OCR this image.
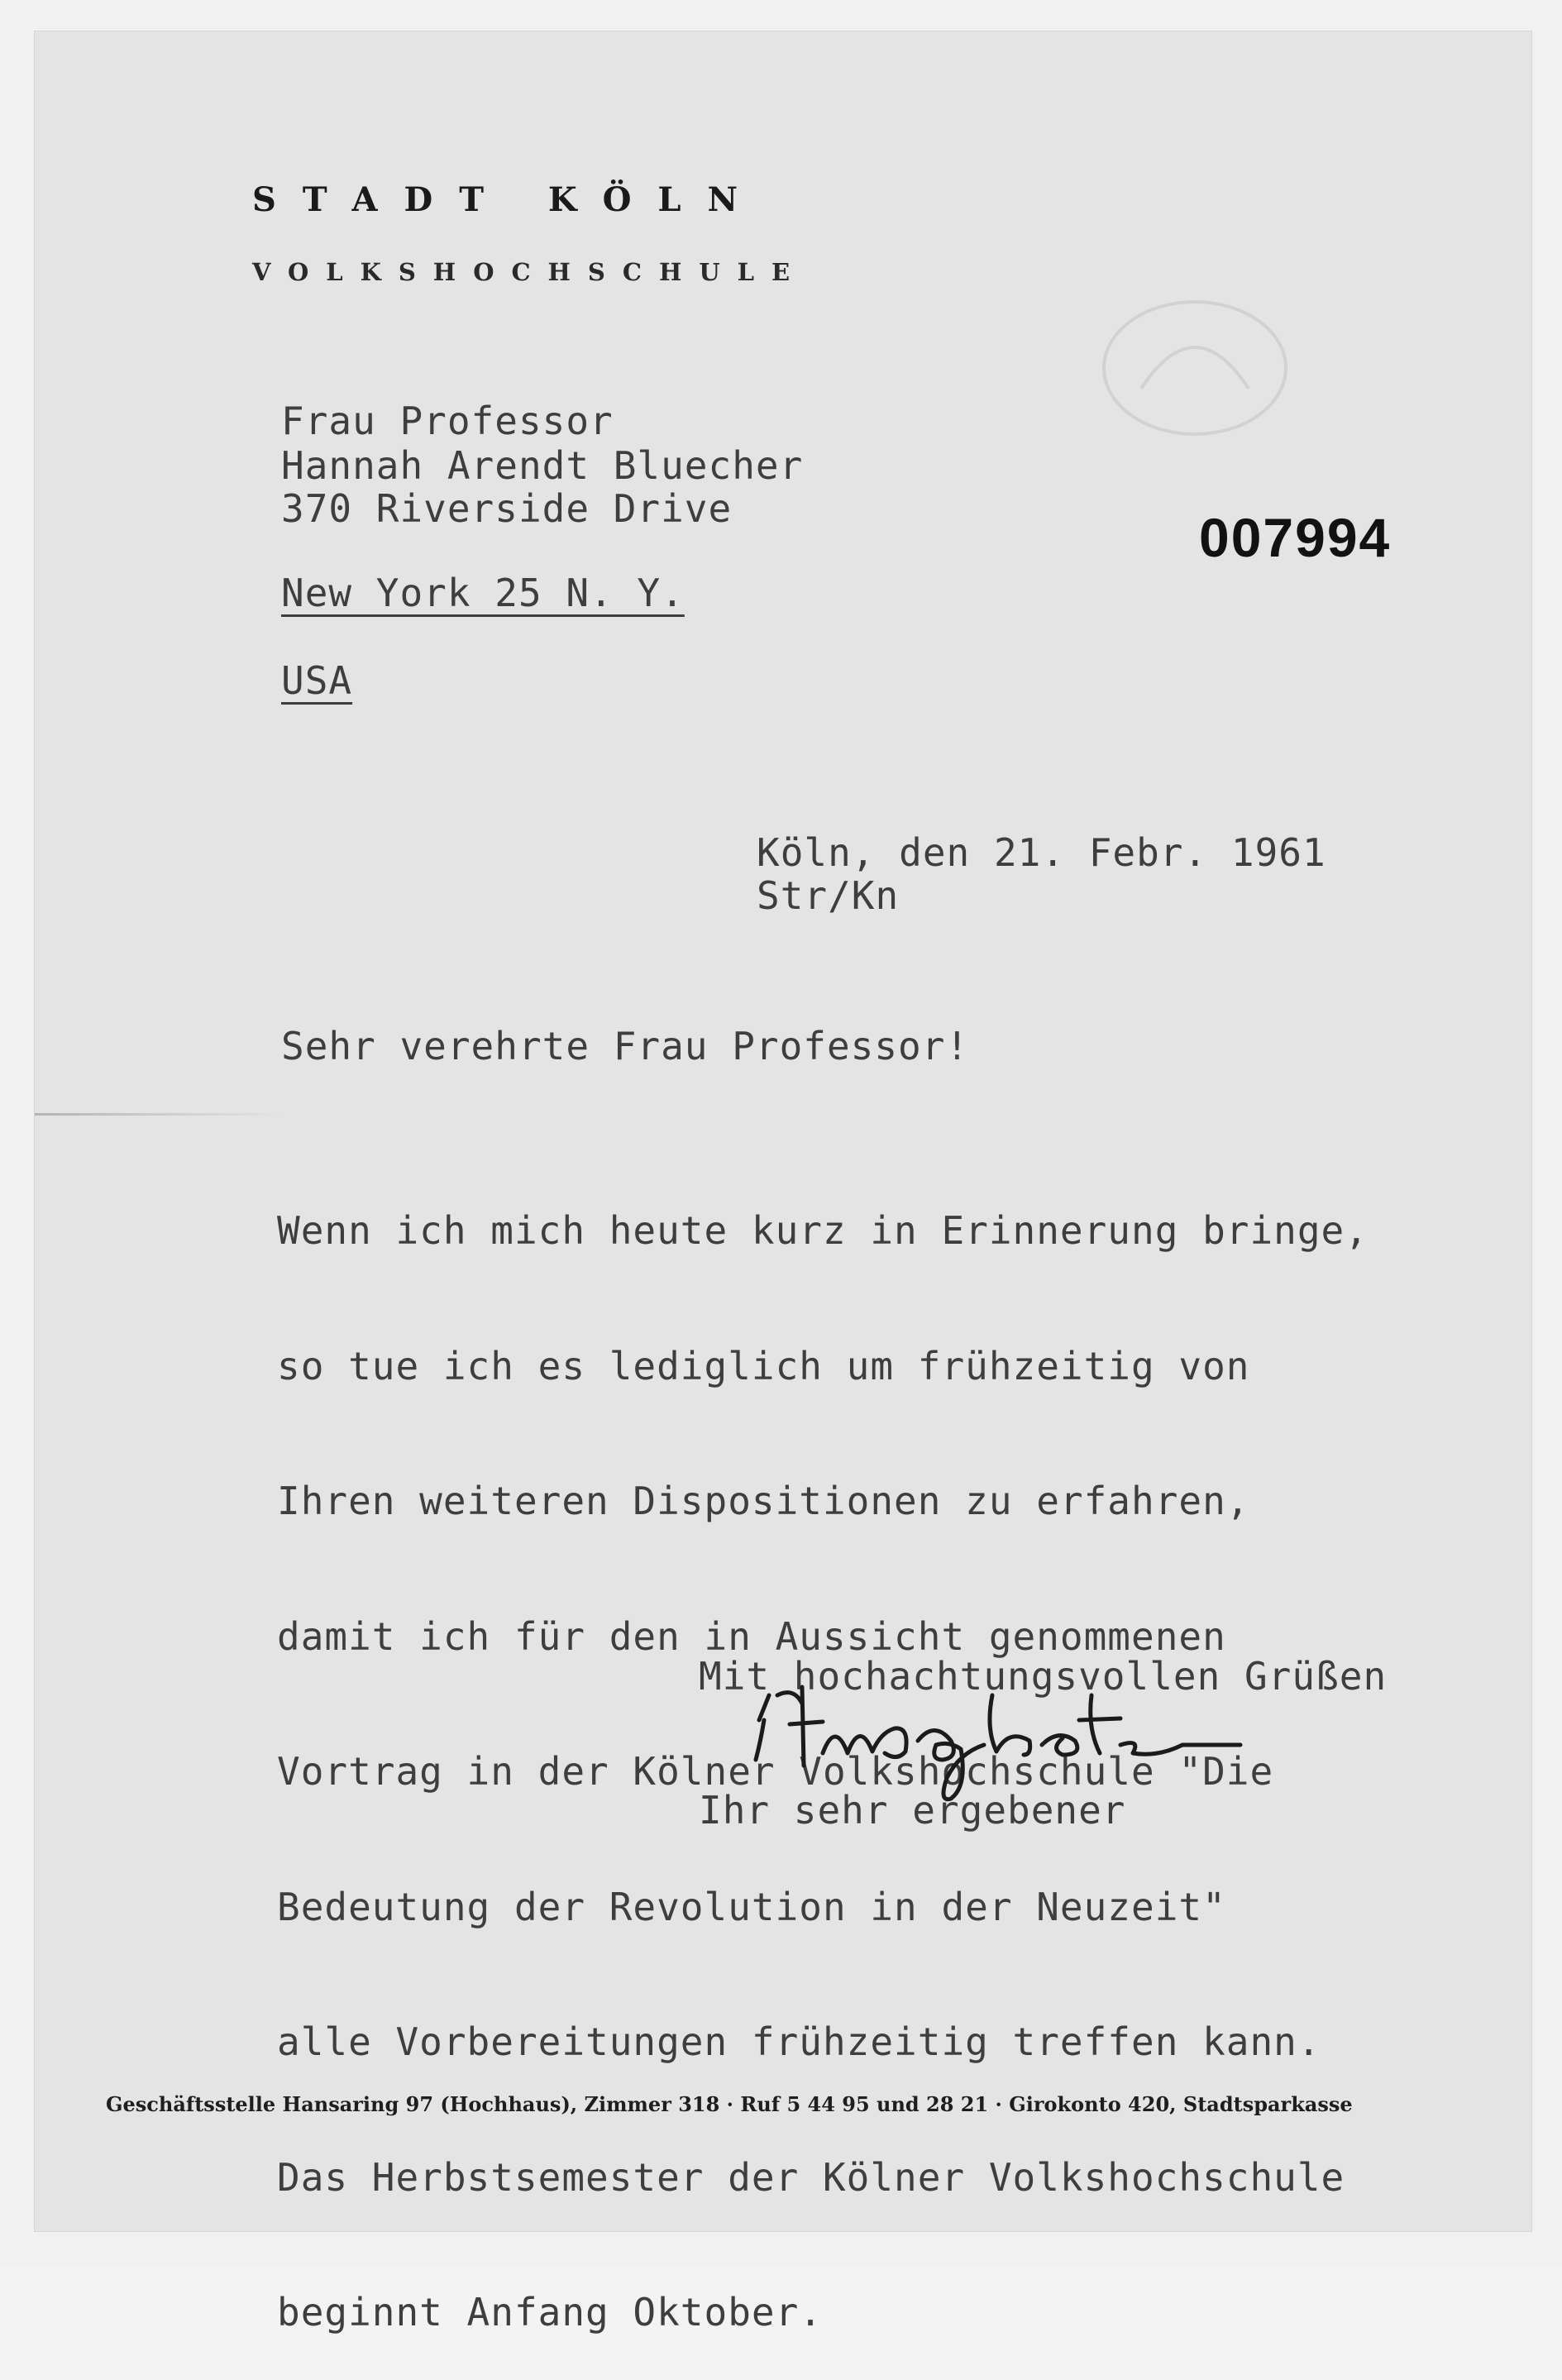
STADT KÖLN
VOLKSHOCHSCHULE
Frau Professor
Hannah Arendt Bluecher
370 Riverside Drive
New York 25 N. Y.
USA
007994
Köln, den 21. Febr. 1961
Str/Kn
Sehr verehrte Frau Professor!

Wenn ich mich heute kurz in Erinnerung bringe,

so tue ich es lediglich um frühzeitig von

Ihren weiteren Dispositionen zu erfahren,

damit ich für den in Aussicht genommenen

Vortrag in der Kölner Volkshochschule "Die

Bedeutung der Revolution in der Neuzeit"

alle Vorbereitungen frühzeitig treffen kann.

Das Herbstsemester der Kölner Volkshochschule

beginnt Anfang Oktober.

Mit hochachtungsvollen Grüßen

Ihr sehr ergebener

Geschäftsstelle Hansaring 97 (Hochhaus), Zimmer 318 · Ruf 5 44 95 und 28 21 · Girokonto 420, Stadtsparkasse
